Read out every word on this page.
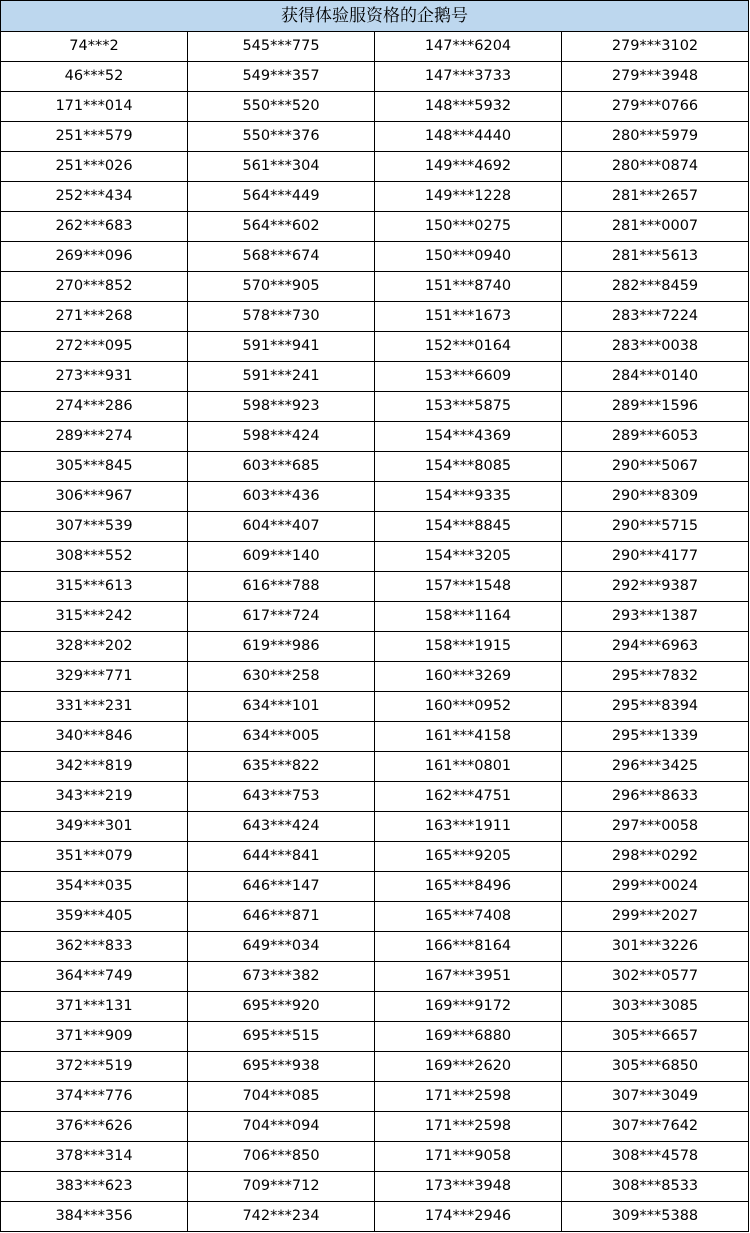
获得体验服资格的企鹅号			
74***2	545***775	147***6204	279***3102
46***52	549***357	147***3733	279***3948
171***014	550***520	148***5932	279***0766
251***579	550***376	148***4440	280***5979
251***026	561***304	149***4692	280***0874
252***434	564***449	149***1228	281***2657
262***683	564***602	150***0275	281***0007
269***096	568***674	150***0940	281***5613
270***852	570***905	151***8740	282***8459
271***268	578***730	151***1673	283***7224
272***095	591***941	152***0164	283***0038
273***931	591***241	153***6609	284***0140
274***286	598***923	153***5875	289***1596
289***274	598***424	154***4369	289***6053
305***845	603***685	154***8085	290***5067
306***967	603***436	154***9335	290***8309
307***539	604***407	154***8845	290***5715
308***552	609***140	154***3205	290***4177
315***613	616***788	157***1548	292***9387
315***242	617***724	158***1164	293***1387
328***202	619***986	158***1915	294***6963
329***771	630***258	160***3269	295***7832
331***231	634***101	160***0952	295***8394
340***846	634***005	161***4158	295***1339
342***819	635***822	161***0801	296***3425
343***219	643***753	162***4751	296***8633
349***301	643***424	163***1911	297***0058
351***079	644***841	165***9205	298***0292
354***035	646***147	165***8496	299***0024
359***405	646***871	165***7408	299***2027
362***833	649***034	166***8164	301***3226
364***749	673***382	167***3951	302***0577
371***131	695***920	169***9172	303***3085
371***909	695***515	169***6880	305***6657
372***519	695***938	169***2620	305***6850
374***776	704***085	171***2598	307***3049
376***626	704***094	171***2598	307***7642
378***314	706***850	171***9058	308***4578
383***623	709***712	173***3948	308***8533
384***356	742***234	174***2946	309***5388
